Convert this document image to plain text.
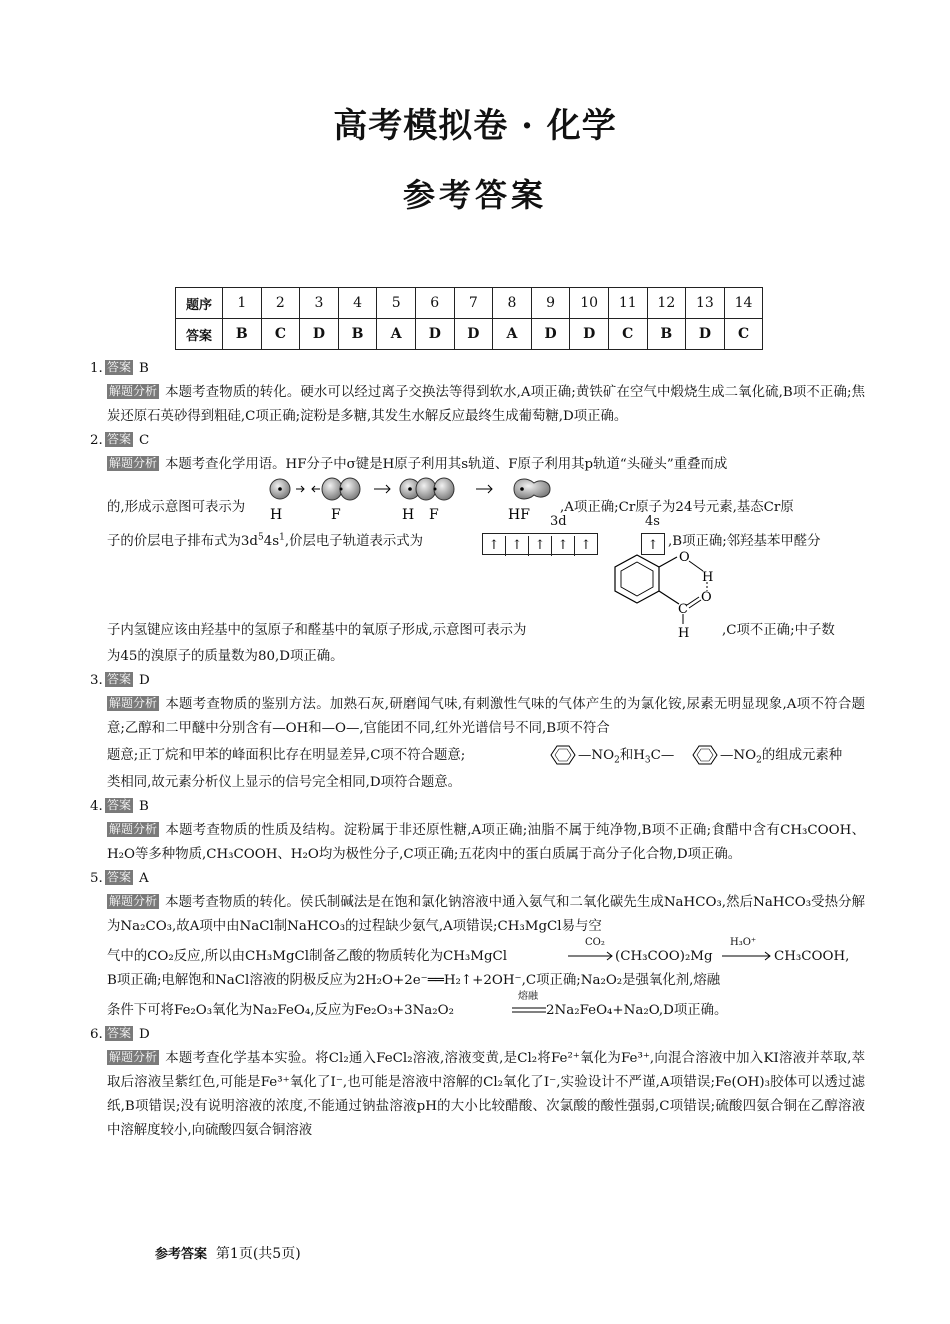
高考模拟卷 · 化学
参考答案
题序	1	2	3	4	5	6	7	8	9	10	11	12	13	14
答案	B	C	D	B	A	D	D	A	D	D	C	B	D	C
1. 答案 B
解题分析 本题考查物质的转化。硬水可以经过离子交换法等得到软水,A项正确;黄铁矿在空气中煅烧生成二氧化硫,B项不正确;焦炭还原石英砂得到粗硅,C项正确;淀粉是多糖,其发生水解反应最终生成葡萄糖,D项正确。
2. 答案 C
解题分析 本题考查化学用语。HF分子中σ键是H原子利用其s轨道、F原子利用其p轨道“头碰头”重叠而成
的,形成示意图可表示为 H	F	H F	HF ,A项正确;Cr原子为24号元素,基态Cr原
子的价层电子排布式为$3d^54s^1$,价层电子轨道表示式为
3d	4s
↑ ↑ ↑ ↑ ↑	↑ ,B项正确;邻羟基苯甲醛分
O
H
O
C
H
子内氢键应该由羟基中的氢原子和醛基中的氧原子形成,示意图可表示为	,C项不正确;中子数
为45的溴原子的质量数为80,D项正确。
3. 答案 D
解题分析 本题考查物质的鉴别方法。加熟石灰,研磨闻气味,有刺激性气味的气体产生的为氯化铵,尿素无明显现象,A项不符合题意;乙醇和二甲醚中分别含有—OH和—O—,官能团不同,红外光谱信号不同,B项不符合
题意;正丁烷和甲苯的峰面积比存在明显差异,C项不符合题意;	$—NO_2$和$H_3C—$	$—NO_2$的组成元素种
类相同,故元素分析仪上显示的信号完全相同,D项符合题意。
4. 答案 B
解题分析 本题考查物质的性质及结构。淀粉属于非还原性糖,A项正确;油脂不属于纯净物,B项不正确;食醋中含有CH₃COOH、H₂O等多种物质,CH₃COOH、H₂O均为极性分子,C项正确;五花肉中的蛋白质属于高分子化合物,D项正确。
5. 答案 A
解题分析 本题考查物质的转化。侯氏制碱法是在饱和氯化钠溶液中通入氨气和二氧化碳先生成NaHCO₃,然后NaHCO₃受热分解为Na₂CO₃,故A项中由NaCl制NaHCO₃的过程缺少氨气,A项错误;CH₃MgCl易与空
气中的CO₂反应,所以由CH₃MgCl制备乙酸的物质转化为CH₃MgCl
CO₂
→ (CH₃COO)₂Mg
H₃O⁺
→ CH₃COOH,
B项正确;电解饱和NaCl溶液的阴极反应为2H₂O+2e⁻══H₂↑+2OH⁻,C项正确;Na₂O₂是强氧化剂,熔融
条件下可将Fe₂O₃氧化为Na₂FeO₄,反应为Fe₂O₃+3Na₂O₂
熔融
2Na₂FeO₄+Na₂O,D项正确。
6. 答案 D
解题分析 本题考查化学基本实验。将Cl₂通入FeCl₂溶液,溶液变黄,是Cl₂将Fe²⁺氧化为Fe³⁺,向混合溶液中加入KI溶液并萃取,萃取后溶液呈紫红色,可能是Fe³⁺氧化了I⁻,也可能是溶液中溶解的Cl₂氧化了I⁻,实验设计不严谨,A项错误;Fe(OH)₃胶体可以透过滤纸,B项错误;没有说明溶液的浓度,不能通过钠盐溶液pH的大小比较醋酸、次氯酸的酸性强弱,C项错误;硫酸四氨合铜在乙醇溶液中溶解度较小,向硫酸四氨合铜溶液
参考答案 第1页(共5页)
